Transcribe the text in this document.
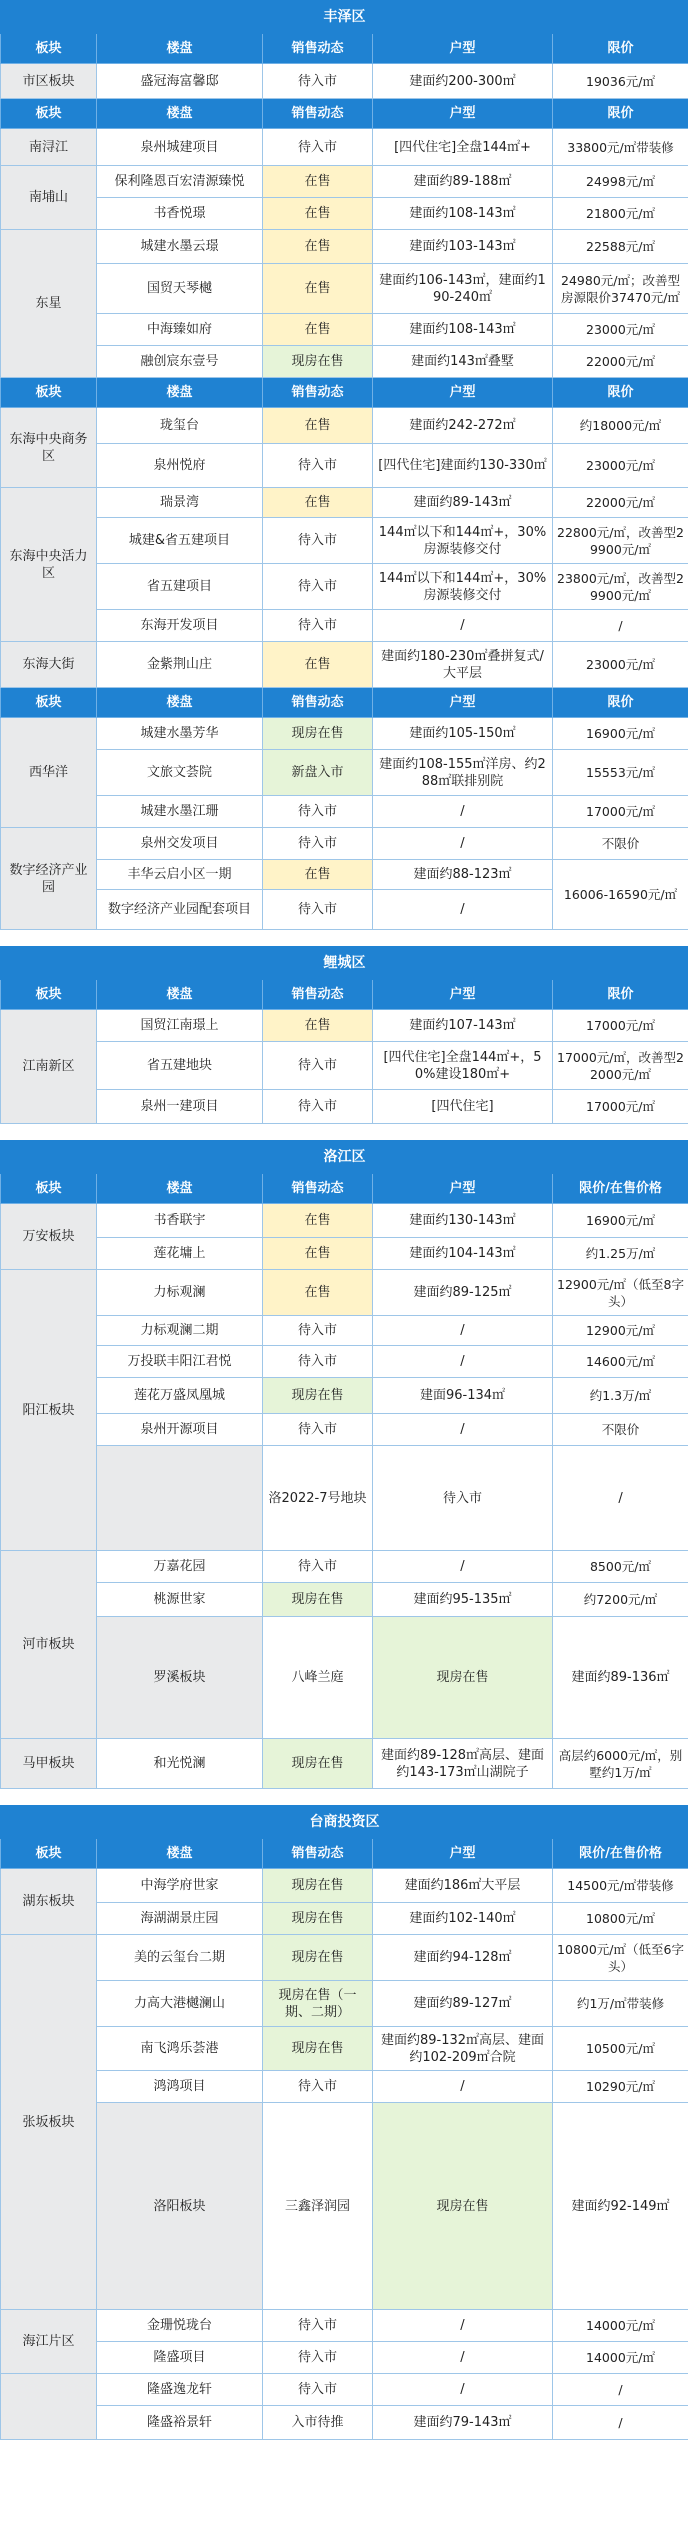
丰泽区				
板块	楼盘	销售动态	户型	限价
市区板块	盛冠海富馨邸	待入市	建面约200-300㎡	19036元/㎡
板块	楼盘	销售动态	户型	限价
南浔江	泉州城建项目	待入市	[四代住宅]全盘144㎡+	33800元/㎡带装修
南埔山	保利隆恩百宏清源臻悦	在售	建面约89-188㎡	24998元/㎡
	书香悦璟	在售	建面约108-143㎡	21800元/㎡
东星	城建水墨云璟	在售	建面约103-143㎡	22588元/㎡
	国贸天琴樾	在售	建面约106-143㎡，建面约190-240㎡	24980元/㎡；改善型房源限价37470元/㎡
	中海臻如府	在售	建面约108-143㎡	23000元/㎡
	融创宸东壹号	现房在售	建面约143㎡叠墅	22000元/㎡
板块	楼盘	销售动态	户型	限价
东海中央商务区	珑玺台	在售	建面约242-272㎡	约18000元/㎡
	泉州悦府	待入市	[四代住宅]建面约130-330㎡	23000元/㎡
东海中央活力区	瑞景湾	在售	建面约89-143㎡	22000元/㎡
	城建&省五建项目	待入市	144㎡以下和144㎡+，30%房源装修交付	22800元/㎡，改善型29900元/㎡
	省五建项目	待入市	144㎡以下和144㎡+，30%房源装修交付	23800元/㎡，改善型29900元/㎡
	东海开发项目	待入市	/	/
东海大街	金紫荆山庄	在售	建面约180-230㎡叠拼复式/大平层	23000元/㎡
板块	楼盘	销售动态	户型	限价
西华洋	城建水墨芳华	现房在售	建面约105-150㎡	16900元/㎡
	文旅文荟院	新盘入市	建面约108-155㎡洋房、约288㎡联排别院	15553元/㎡
	城建水墨江珊	待入市	/	17000元/㎡
数字经济产业园	泉州交发项目	待入市	/	不限价
	丰华云启小区一期	在售	建面约88-123㎡	16006-16590元/㎡
	数字经济产业园配套项目	待入市	/	
鲤城区				
板块	楼盘	销售动态	户型	限价
江南新区	国贸江南璟上	在售	建面约107-143㎡	17000元/㎡
	省五建地块	待入市	[四代住宅]全盘144㎡+，50%建设180㎡+	17000元/㎡，改善型22000元/㎡
	泉州一建项目	待入市	[四代住宅]	17000元/㎡
洛江区					
板块	楼盘	销售动态	户型	限价/在售价格	
万安板块	书香联宇	在售	建面约130-143㎡	16900元/㎡	
	莲花墉上	在售	建面约104-143㎡	约1.25万/㎡	
阳江板块	力标观澜	在售	建面约89-125㎡	12900元/㎡（低至8字头）	
	力标观澜二期	待入市	/	12900元/㎡	
	万投联丰阳江君悦	待入市	/	14600元/㎡	
	莲花万盛凤凰城	现房在售	建面96-134㎡	约1.3万/㎡	
	泉州开源项目	待入市	/	不限价	
		洛2022-7号地块	待入市	/	
河市板块	万嘉花园	待入市	/	8500元/㎡	
	桃源世家	现房在售	建面约95-135㎡	约7200元/㎡	
	罗溪板块	八峰兰庭	现房在售	建面约89-136㎡	
马甲板块	和光悦澜	现房在售	建面约89-128㎡高层、建面约143-173㎡山湖院子	高层约6000元/㎡，别墅约1万/㎡	
台商投资区					
板块	楼盘	销售动态	户型	限价/在售价格	
湖东板块	中海学府世家	现房在售	建面约186㎡大平层	14500元/㎡带装修	
	海湖湖景庄园	现房在售	建面约102-140㎡	10800元/㎡	
张坂板块	美的云玺台二期	现房在售	建面约94-128㎡	10800元/㎡（低至6字头）	
	力高大港樾澜山	现房在售（一期、二期）	建面约89-127㎡	约1万/㎡带装修	
	南飞鸿乐荟港	现房在售	建面约89-132㎡高层、建面约102-209㎡合院	10500元/㎡	
	鸿鸿项目	待入市	/	10290元/㎡	
	洛阳板块	三鑫泽润园	现房在售	建面约92-149㎡	
海江片区	金珊悦珑台	待入市	/	14000元/㎡	
	隆盛项目	待入市	/	14000元/㎡	
	隆盛逸龙轩	待入市	/	/	
	隆盛裕景轩	入市待推	建面约79-143㎡	/	
